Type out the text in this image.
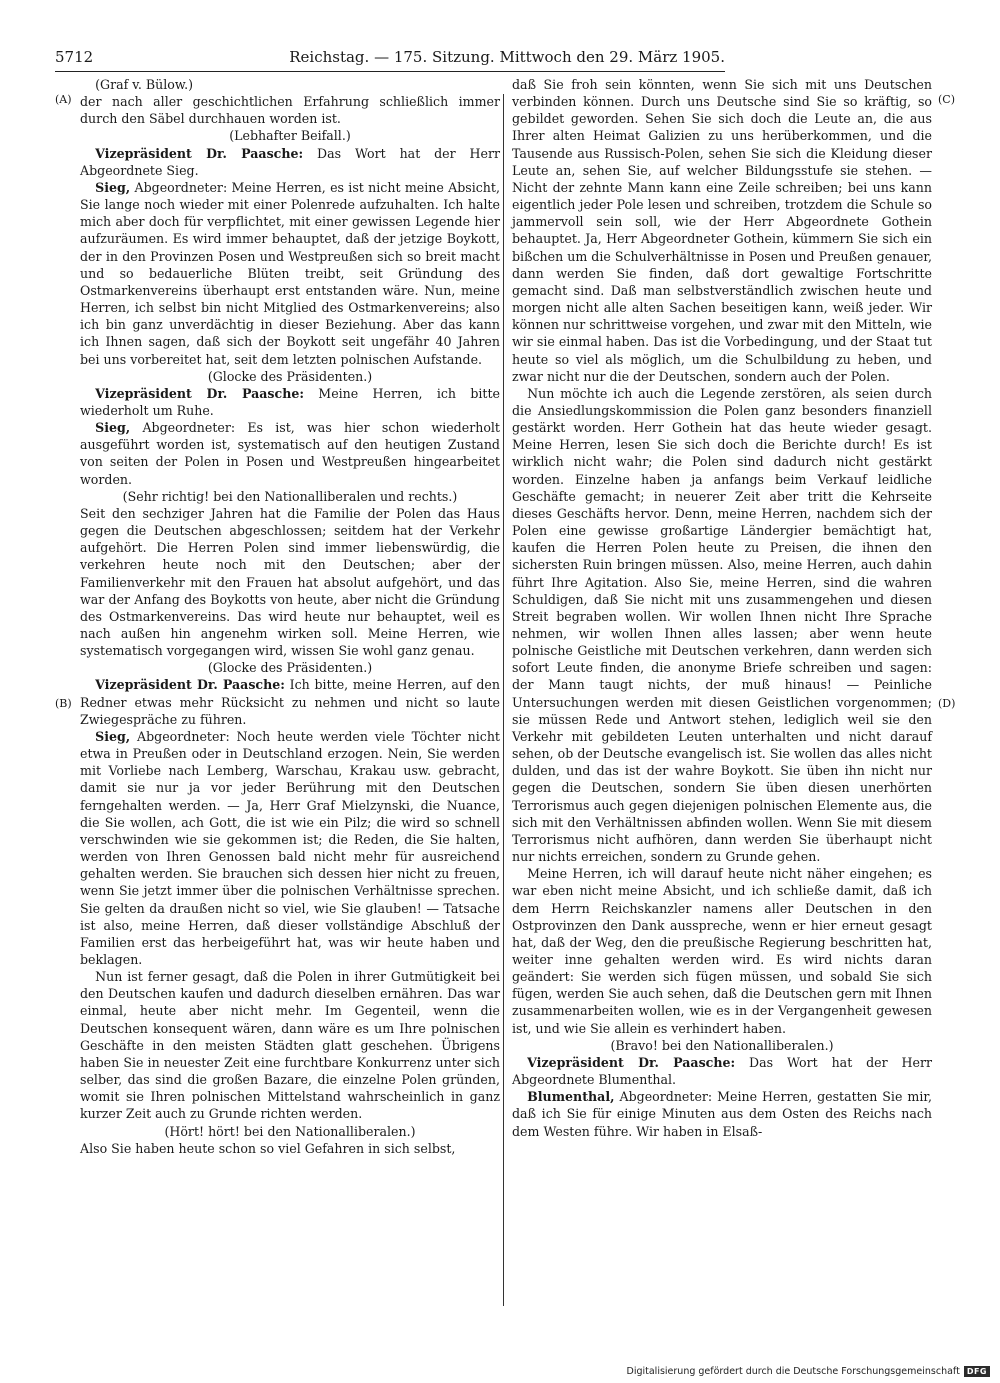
5712	Reichstag. — 175. Sitzung. Mittwoch den 29. März 1905.
(A)
(B)
(C)
(D)

(Graf v. Bülow.)

der nach aller geschichtlichen Erfahrung schließlich immer durch den Säbel durchhauen worden ist.

(Lebhafter Beifall.)

Vizepräsident Dr. Paasche: Das Wort hat der Herr Abgeordnete Sieg.

Sieg, Abgeordneter: Meine Herren, es ist nicht meine Absicht, Sie lange noch wieder mit einer Polenrede aufzuhalten. Ich halte mich aber doch für verpflichtet, mit einer gewissen Legende hier aufzuräumen. Es wird immer behauptet, daß der jetzige Boykott, der in den Provinzen Posen und Westpreußen sich so breit macht und so bedauerliche Blüten treibt, seit Gründung des Ostmarkenvereins überhaupt erst entstanden wäre. Nun, meine Herren, ich selbst bin nicht Mitglied des Ostmarkenvereins; also ich bin ganz unverdächtig in dieser Beziehung. Aber das kann ich Ihnen sagen, daß sich der Boykott seit ungefähr 40 Jahren bei uns vorbereitet hat, seit dem letzten polnischen Aufstande.

(Glocke des Präsidenten.)

Vizepräsident Dr. Paasche: Meine Herren, ich bitte wiederholt um Ruhe.

Sieg, Abgeordneter: Es ist, was hier schon wiederholt ausgeführt worden ist, systematisch auf den heutigen Zustand von seiten der Polen in Posen und Westpreußen hingearbeitet worden.

(Sehr richtig! bei den Nationalliberalen und rechts.)

Seit den sechziger Jahren hat die Familie der Polen das Haus gegen die Deutschen abgeschlossen; seitdem hat der Verkehr aufgehört. Die Herren Polen sind immer liebenswürdig, die verkehren heute noch mit den Deutschen; aber der Familienverkehr mit den Frauen hat absolut aufgehört, und das war der Anfang des Boykotts von heute, aber nicht die Gründung des Ostmarkenvereins. Das wird heute nur behauptet, weil es nach außen hin angenehm wirken soll. Meine Herren, wie systematisch vorgegangen wird, wissen Sie wohl ganz genau.

(Glocke des Präsidenten.)

Vizepräsident Dr. Paasche: Ich bitte, meine Herren, auf den Redner etwas mehr Rücksicht zu nehmen und nicht so laute Zwiegespräche zu führen.

Sieg, Abgeordneter: Noch heute werden viele Töchter nicht etwa in Preußen oder in Deutschland erzogen. Nein, Sie werden mit Vorliebe nach Lemberg, Warschau, Krakau usw. gebracht, damit sie nur ja vor jeder Berührung mit den Deutschen ferngehalten werden. — Ja, Herr Graf Mielzynski, die Nuance, die Sie wollen, ach Gott, die ist wie ein Pilz; die wird so schnell verschwinden wie sie gekommen ist; die Reden, die Sie halten, werden von Ihren Genossen bald nicht mehr für ausreichend gehalten werden. Sie brauchen sich dessen hier nicht zu freuen, wenn Sie jetzt immer über die polnischen Verhältnisse sprechen. Sie gelten da draußen nicht so viel, wie Sie glauben! — Tatsache ist also, meine Herren, daß dieser vollständige Abschluß der Familien erst das herbeigeführt hat, was wir heute haben und beklagen.

Nun ist ferner gesagt, daß die Polen in ihrer Gutmütigkeit bei den Deutschen kaufen und dadurch dieselben ernähren. Das war einmal, heute aber nicht mehr. Im Gegenteil, wenn die Deutschen konsequent wären, dann wäre es um Ihre polnischen Geschäfte in den meisten Städten glatt geschehen. Übrigens haben Sie in neuester Zeit eine furchtbare Konkurrenz unter sich selber, das sind die großen Bazare, die einzelne Polen gründen, womit sie Ihren polnischen Mittelstand wahrscheinlich in ganz kurzer Zeit auch zu Grunde richten werden.

(Hört! hört! bei den Nationalliberalen.)

Also Sie haben heute schon so viel Gefahren in sich selbst,

daß Sie froh sein könnten, wenn Sie sich mit uns Deutschen verbinden können. Durch uns Deutsche sind Sie so kräftig, so gebildet geworden. Sehen Sie sich doch die Leute an, die aus Ihrer alten Heimat Galizien zu uns herüberkommen, und die Tausende aus Russisch-Polen, sehen Sie sich die Kleidung dieser Leute an, sehen Sie, auf welcher Bildungsstufe sie stehen. — Nicht der zehnte Mann kann eine Zeile schreiben; bei uns kann eigentlich jeder Pole lesen und schreiben, trotzdem die Schule so jammervoll sein soll, wie der Herr Abgeordnete Gothein behauptet. Ja, Herr Abgeordneter Gothein, kümmern Sie sich ein bißchen um die Schulverhältnisse in Posen und Preußen genauer, dann werden Sie finden, daß dort gewaltige Fortschritte gemacht sind. Daß man selbstverständlich zwischen heute und morgen nicht alle alten Sachen beseitigen kann, weiß jeder. Wir können nur schrittweise vorgehen, und zwar mit den Mitteln, wie wir sie einmal haben. Das ist die Vorbedingung, und der Staat tut heute so viel als möglich, um die Schulbildung zu heben, und zwar nicht nur die der Deutschen, sondern auch der Polen.

Nun möchte ich auch die Legende zerstören, als seien durch die Ansiedlungskommission die Polen ganz besonders finanziell gestärkt worden. Herr Gothein hat das heute wieder gesagt. Meine Herren, lesen Sie sich doch die Berichte durch! Es ist wirklich nicht wahr; die Polen sind dadurch nicht gestärkt worden. Einzelne haben ja anfangs beim Verkauf leidliche Geschäfte gemacht; in neuerer Zeit aber tritt die Kehrseite dieses Geschäfts hervor. Denn, meine Herren, nachdem sich der Polen eine gewisse großartige Ländergier bemächtigt hat, kaufen die Herren Polen heute zu Preisen, die ihnen den sichersten Ruin bringen müssen. Also, meine Herren, auch dahin führt Ihre Agitation. Also Sie, meine Herren, sind die wahren Schuldigen, daß Sie nicht mit uns zusammengehen und diesen Streit begraben wollen. Wir wollen Ihnen nicht Ihre Sprache nehmen, wir wollen Ihnen alles lassen; aber wenn heute polnische Geistliche mit Deutschen verkehren, dann werden sich sofort Leute finden, die anonyme Briefe schreiben und sagen: der Mann taugt nichts, der muß hinaus! — Peinliche Untersuchungen werden mit diesen Geistlichen vorgenommen; sie müssen Rede und Antwort stehen, lediglich weil sie den Verkehr mit gebildeten Leuten unterhalten und nicht darauf sehen, ob der Deutsche evangelisch ist. Sie wollen das alles nicht dulden, und das ist der wahre Boykott. Sie üben ihn nicht nur gegen die Deutschen, sondern Sie üben diesen unerhörten Terrorismus auch gegen diejenigen polnischen Elemente aus, die sich mit den Verhältnissen abfinden wollen. Wenn Sie mit diesem Terrorismus nicht aufhören, dann werden Sie überhaupt nicht nur nichts erreichen, sondern zu Grunde gehen.

Meine Herren, ich will darauf heute nicht näher eingehen; es war eben nicht meine Absicht, und ich schließe damit, daß ich dem Herrn Reichskanzler namens aller Deutschen in den Ostprovinzen den Dank ausspreche, wenn er hier erneut gesagt hat, daß der Weg, den die preußische Regierung beschritten hat, weiter inne gehalten werden wird. Es wird nichts daran geändert: Sie werden sich fügen müssen, und sobald Sie sich fügen, werden Sie auch sehen, daß die Deutschen gern mit Ihnen zusammenarbeiten wollen, wie es in der Vergangenheit gewesen ist, und wie Sie allein es verhindert haben.

(Bravo! bei den Nationalliberalen.)

Vizepräsident Dr. Paasche: Das Wort hat der Herr Abgeordnete Blumenthal.

Blumenthal, Abgeordneter: Meine Herren, gestatten Sie mir, daß ich Sie für einige Minuten aus dem Osten des Reichs nach dem Westen führe. Wir haben in Elsaß-

Digitalisierung gefördert durch die Deutsche Forschungsgemeinschaft DFG
